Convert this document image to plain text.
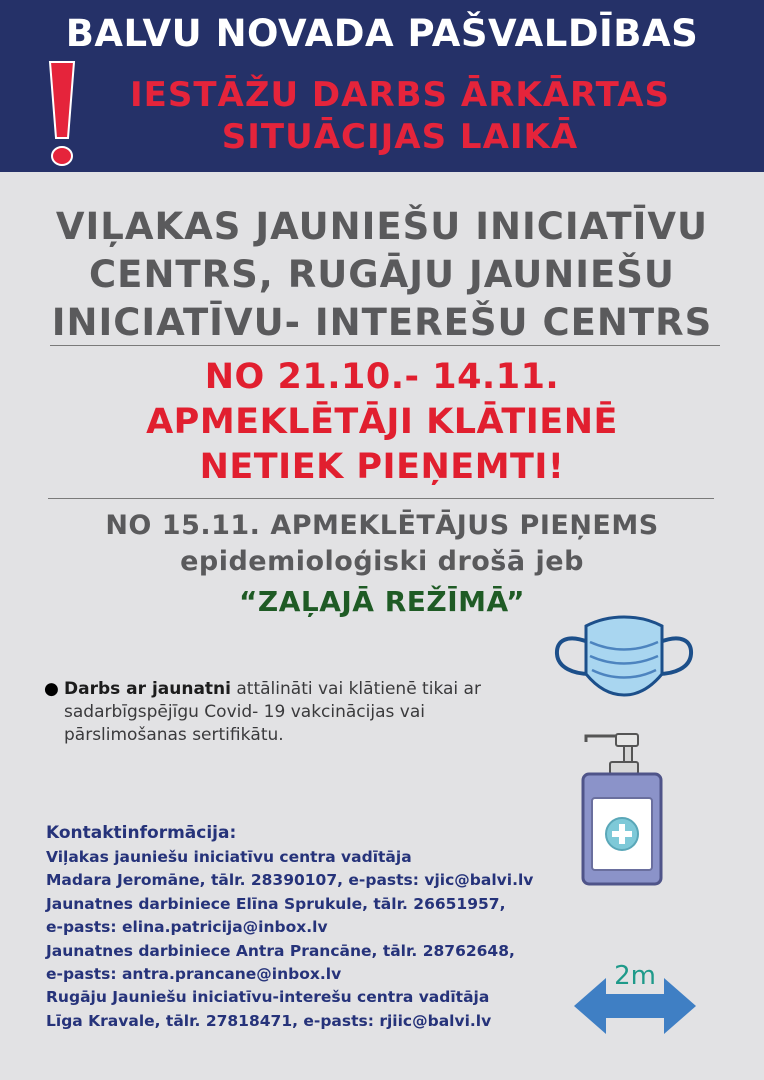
BALVU NOVADA PAŠVALDĪBAS
IESTĀŽU DARBS ĀRKĀRTAS
SITUĀCIJAS LAIKĀ
VIĻAKAS JAUNIEŠU INICIATĪVU
CENTRS, RUGĀJU JAUNIEŠU
INICIATĪVU- INTEREŠU CENTRS
NO 21.10.- 14.11.
APMEKLĒTĀJI KLĀTIENĒ
NETIEK PIEŅEMTI!
NO 15.11. APMEKLĒTĀJUS PIEŅEMS
epidemioloģiski drošā jeb
“ZAĻAJĀ REŽĪMĀ”
● Darbs ar jaunatni attālināti vai klātienē tikai ar
sadarbīgspējīgu Covid- 19 vakcinācijas vai
pārslimošanas sertifikātu.
Kontaktinformācija:
Viļakas jauniešu iniciatīvu centra vadītāja
Madara Jeromāne, tālr. 28390107, e-pasts: vjic@balvi.lv
Jaunatnes darbiniece Elīna Sprukule, tālr. 26651957,
e-pasts: elina.patricija@inbox.lv
Jaunatnes darbiniece Antra Prancāne, tālr. 28762648,
e-pasts: antra.prancane@inbox.lv
Rugāju Jauniešu iniciatīvu-interešu centra vadītāja
Līga Kravale, tālr. 27818471, e-pasts: rjiic@balvi.lv
2m
